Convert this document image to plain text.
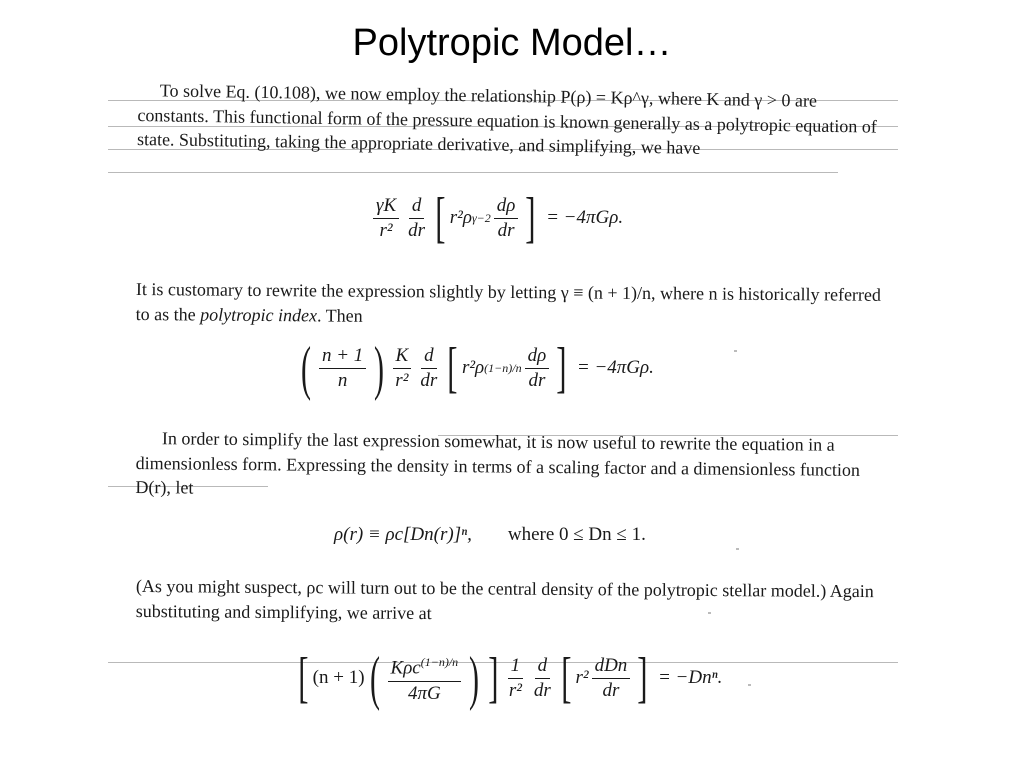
Polytropic Model…

To solve Eq. (10.108), we now employ the relationship P(ρ) = Kρ^γ, where K and γ > 0 are constants. This functional form of the pressure equation is known generally as a polytropic equation of state. Substituting, taking the appropriate derivative, and simplifying, we have

$\frac{\gamma K}{\text{r²}} \frac{d}{dr}$ [ r²ρ $\gamma-2 \frac{d\rho}{dr}$ ] = −4πGρ.

It is customary to rewrite the expression slightly by letting γ ≡ (n + 1)/n, where n is historically referred to as the polytropic index. Then

( $\frac{n + 1}{n}$ ) $\frac{K}{\text{r²}} \frac{d}{dr}$ [ r²ρ $(1-n)/n \frac{d\rho}{dr}$ ] = −4πGρ.

In order to simplify the last expression somewhat, it is now useful to rewrite the equation in a dimensionless form. Expressing the density in terms of a scaling factor and a dimensionless function D(r), let

ρ(r) ≡ ρc[Dn(r)]ⁿ, where 0 ≤ Dn ≤ 1.

(As you might suspect, ρc will turn out to be the central density of the polytropic stellar model.) Again substituting and simplifying, we arrive at

[ (n + 1) ( $\frac{K\rho c^{(1-n)/n}}{4\pi G}$ ) ] $\frac{1}{\text{r²}} \frac{d}{dr}$ [ $r^2 \frac{\text{dDn}}{dr}$ ] = −Dnⁿ.
